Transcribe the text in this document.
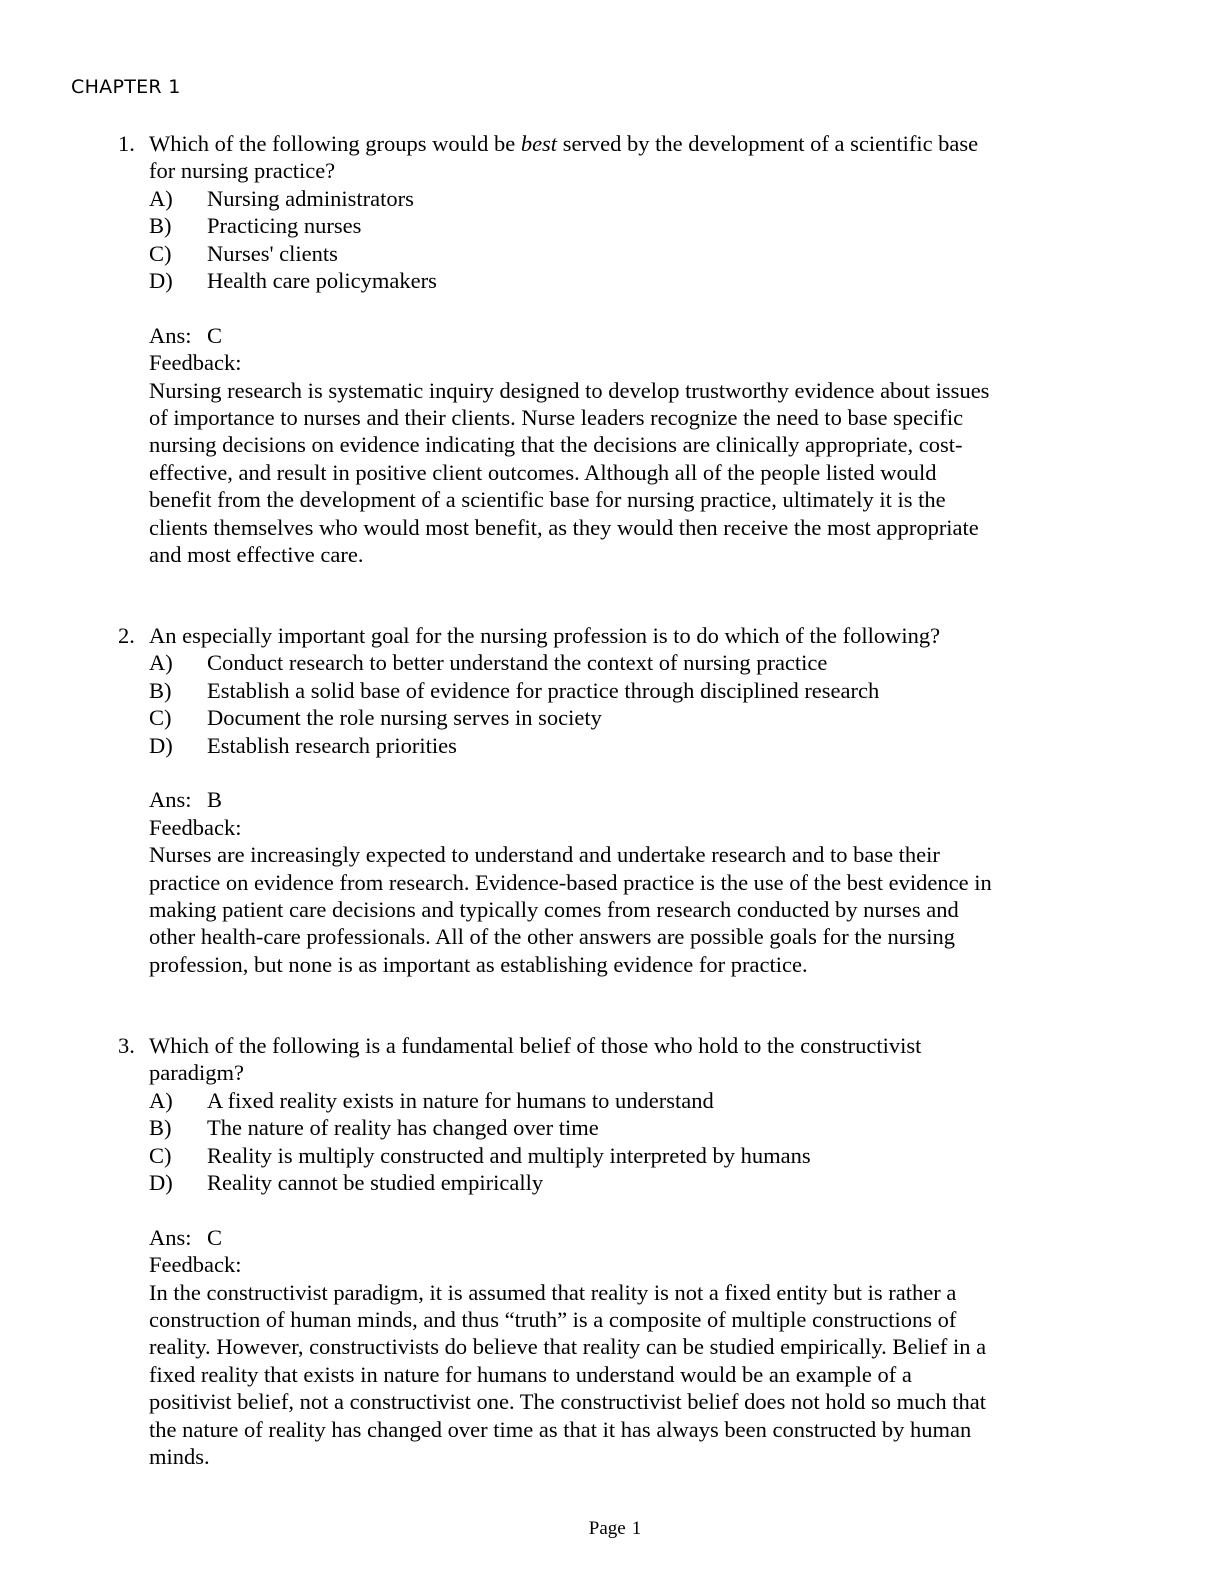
CHAPTER 1
1. Which of the following groups would be best served by the development of a scientific base for nursing practice?
A) Nursing administrators
B) Practicing nurses
C) Nurses' clients
D) Health care policymakers
Ans: C
Feedback:
Nursing research is systematic inquiry designed to develop trustworthy evidence about issues of importance to nurses and their clients. Nurse leaders recognize the need to base specific nursing decisions on evidence indicating that the decisions are clinically appropriate, cost-effective, and result in positive client outcomes. Although all of the people listed would benefit from the development of a scientific base for nursing practice, ultimately it is the clients themselves who would most benefit, as they would then receive the most appropriate and most effective care.
2. An especially important goal for the nursing profession is to do which of the following?
A) Conduct research to better understand the context of nursing practice
B) Establish a solid base of evidence for practice through disciplined research
C) Document the role nursing serves in society
D) Establish research priorities
Ans: B
Feedback:
Nurses are increasingly expected to understand and undertake research and to base their practice on evidence from research. Evidence-based practice is the use of the best evidence in making patient care decisions and typically comes from research conducted by nurses and other health-care professionals. All of the other answers are possible goals for the nursing profession, but none is as important as establishing evidence for practice.
3. Which of the following is a fundamental belief of those who hold to the constructivist paradigm?
A) A fixed reality exists in nature for humans to understand
B) The nature of reality has changed over time
C) Reality is multiply constructed and multiply interpreted by humans
D) Reality cannot be studied empirically
Ans: C
Feedback:
In the constructivist paradigm, it is assumed that reality is not a fixed entity but is rather a construction of human minds, and thus “truth” is a composite of multiple constructions of reality. However, constructivists do believe that reality can be studied empirically. Belief in a fixed reality that exists in nature for humans to understand would be an example of a positivist belief, not a constructivist one. The constructivist belief does not hold so much that the nature of reality has changed over time as that it has always been constructed by human minds.
Page 1
